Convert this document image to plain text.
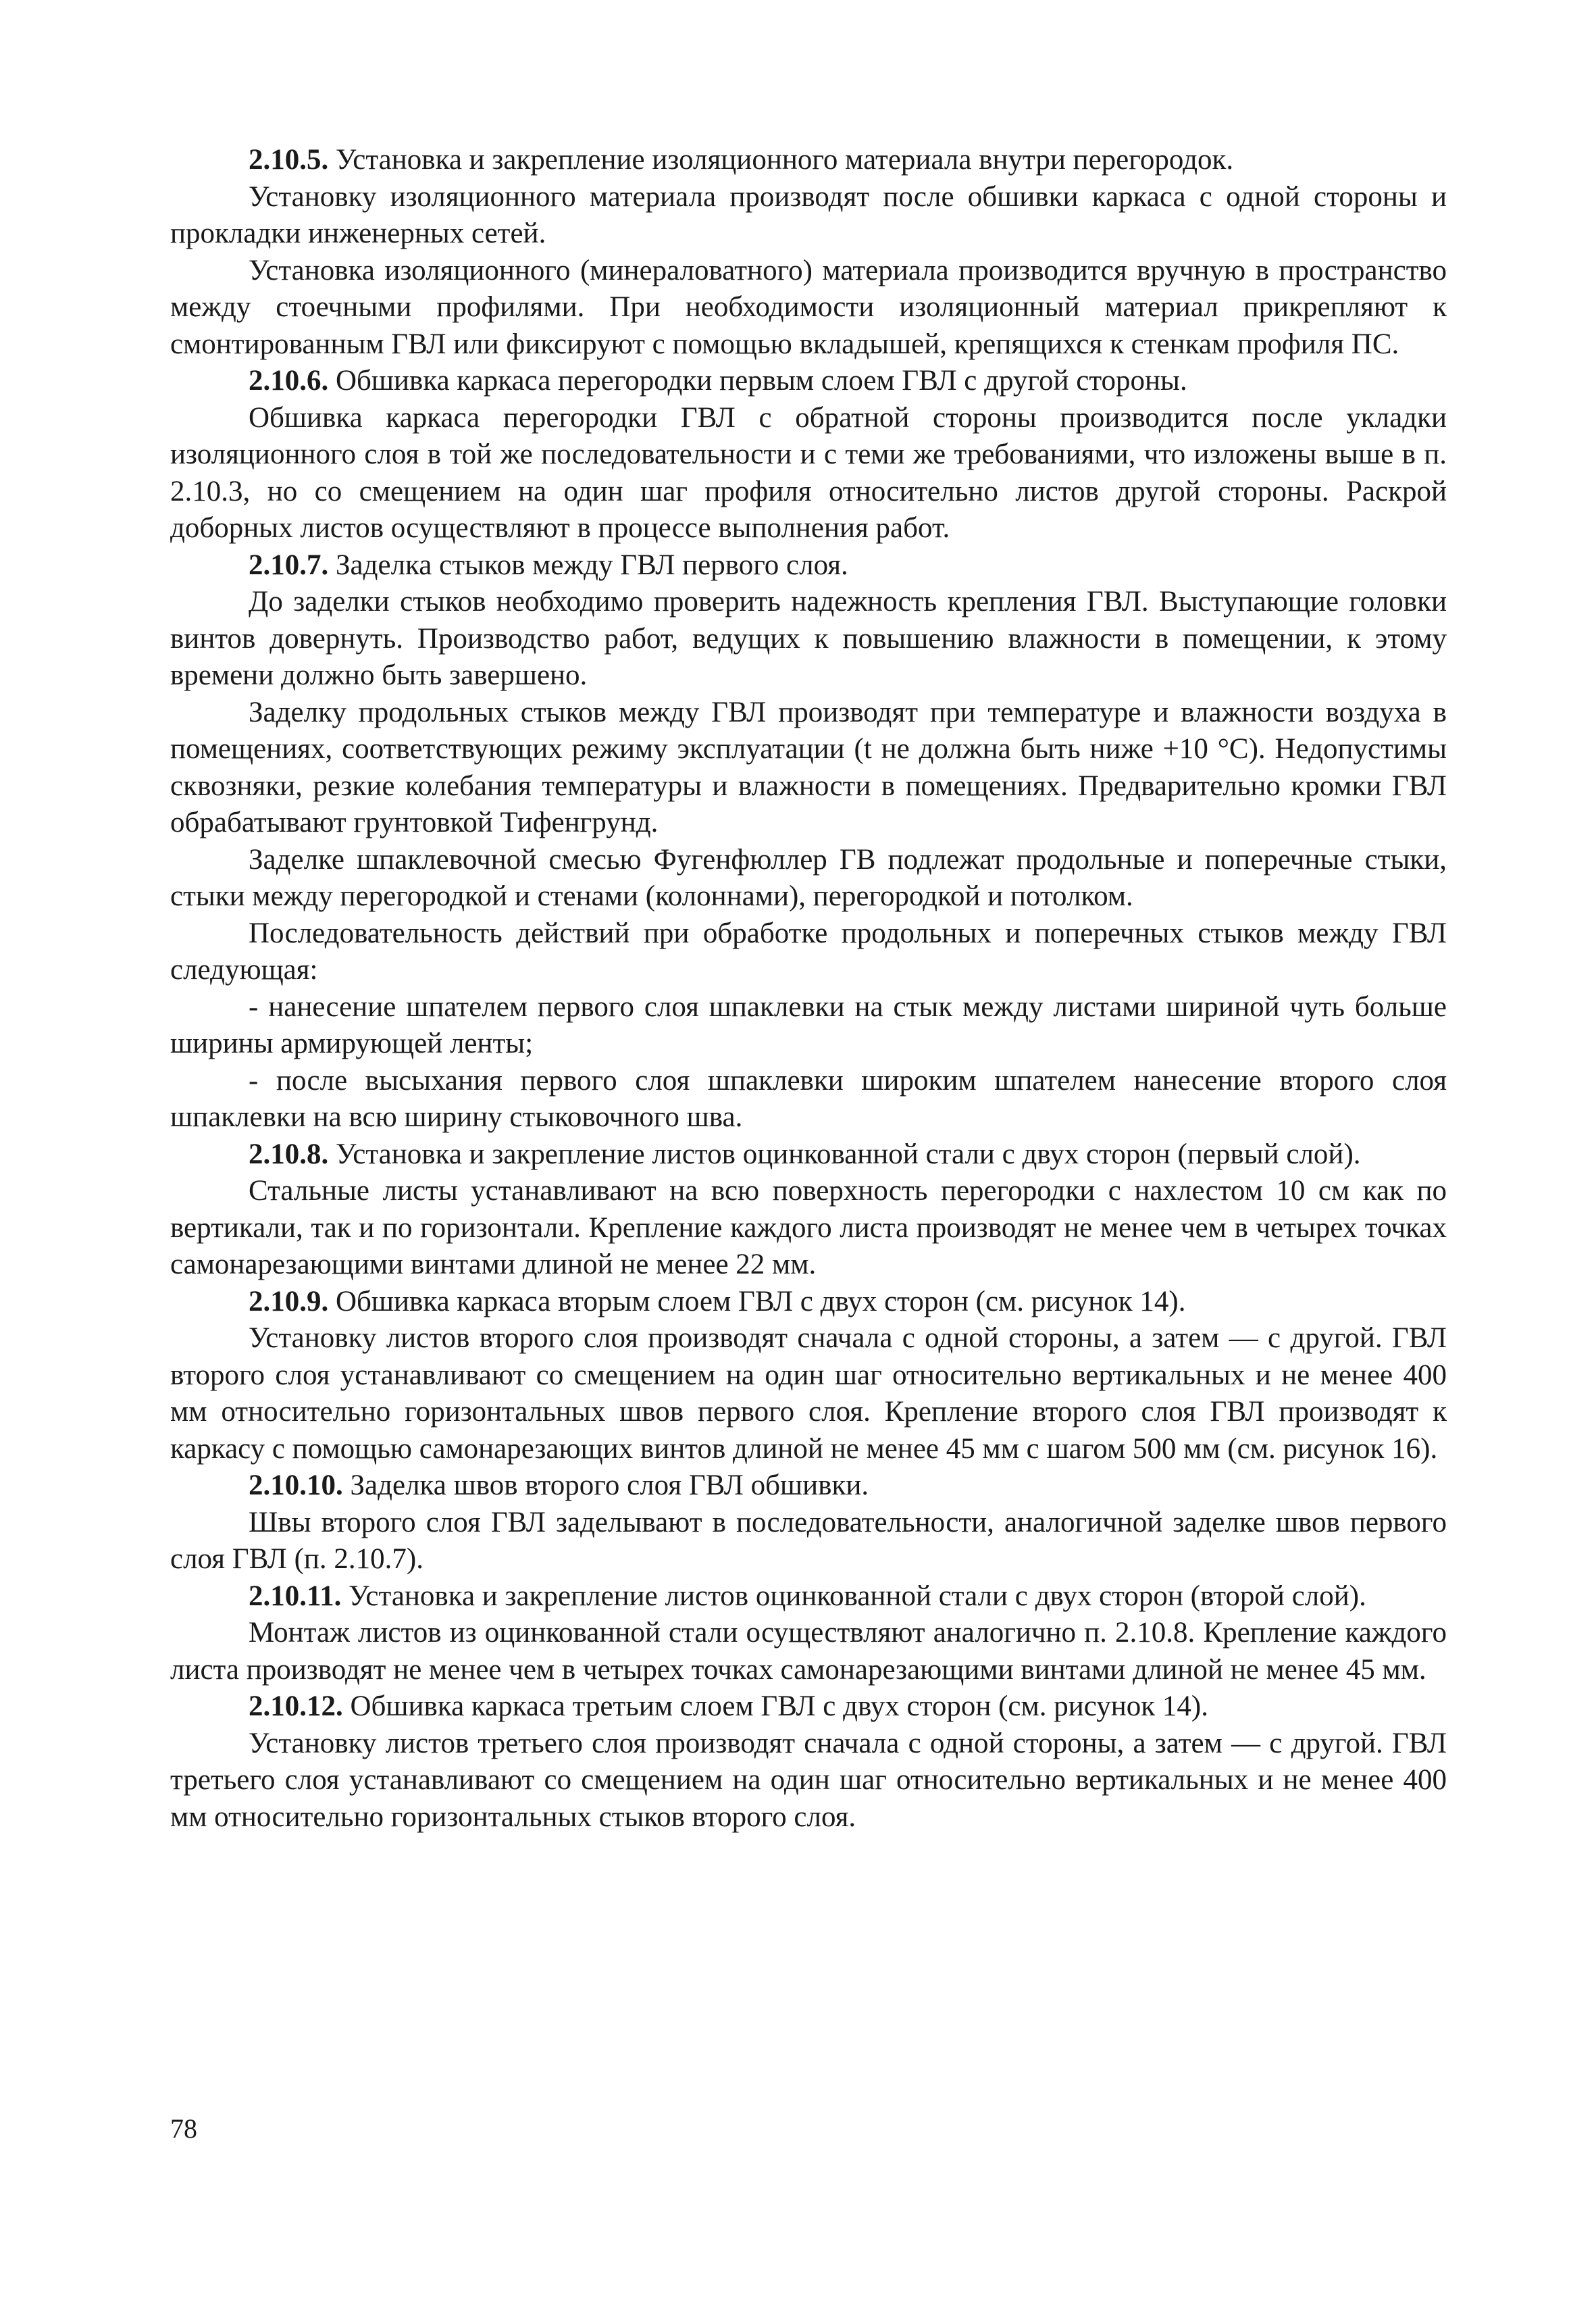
2.10.5. Установка и закрепление изоляционного материала внутри перегородок.

Установку изоляционного материала производят после обшивки каркаса с одной стороны и прокладки инженерных сетей.

Установка изоляционного (минераловатного) материала производится вручную в пространство между стоечными профилями. При необходимости изоляционный материал прикрепляют к смонтированным ГВЛ или фиксируют с помощью вкладышей, крепящихся к стенкам профиля ПС.

2.10.6. Обшивка каркаса перегородки первым слоем ГВЛ с другой стороны.

Обшивка каркаса перегородки ГВЛ с обратной стороны производится после укладки изоляционного слоя в той же последовательности и с теми же требованиями, что изложены выше в п. 2.10.3, но со смещением на один шаг профиля относительно листов другой стороны. Раскрой доборных листов осуществляют в процессе выполнения работ.

2.10.7. Заделка стыков между ГВЛ первого слоя.

До заделки стыков необходимо проверить надежность крепления ГВЛ. Выступающие головки винтов довернуть. Производство работ, ведущих к повышению влажности в помещении, к этому времени должно быть завершено.

Заделку продольных стыков между ГВЛ производят при температуре и влажности воздуха в помещениях, соответствующих режиму эксплуатации (t не должна быть ниже +10 °С). Недопустимы сквозняки, резкие колебания температуры и влажности в помещениях. Предварительно кромки ГВЛ обрабатывают грунтовкой Тифенгрунд.

Заделке шпаклевочной смесью Фугенфюллер ГВ подлежат продольные и поперечные стыки, стыки между перегородкой и стенами (колоннами), перегородкой и потолком.

Последовательность действий при обработке продольных и поперечных стыков между ГВЛ следующая:

- нанесение шпателем первого слоя шпаклевки на стык между листами шириной чуть больше ширины армирующей ленты;

- после высыхания первого слоя шпаклевки широким шпателем нанесение второго слоя шпаклевки на всю ширину стыковочного шва.

2.10.8. Установка и закрепление листов оцинкованной стали с двух сторон (первый слой).

Стальные листы устанавливают на всю поверхность перегородки с нахлестом 10 см как по вертикали, так и по горизонтали. Крепление каждого листа производят не менее чем в четырех точках самонарезающими винтами длиной не менее 22 мм.

2.10.9. Обшивка каркаса вторым слоем ГВЛ с двух сторон (см. рисунок 14).

Установку листов второго слоя производят сначала с одной стороны, а затем — с другой. ГВЛ второго слоя устанавливают со смещением на один шаг относительно вертикальных и не менее 400 мм относительно горизонтальных швов первого слоя. Крепление второго слоя ГВЛ производят к каркасу с помощью самонарезающих винтов длиной не менее 45 мм с шагом 500 мм (см. рисунок 16).

2.10.10. Заделка швов второго слоя ГВЛ обшивки.

Швы второго слоя ГВЛ заделывают в последовательности, аналогичной заделке швов первого слоя ГВЛ (п. 2.10.7).

2.10.11. Установка и закрепление листов оцинкованной стали с двух сторон (второй слой).

Монтаж листов из оцинкованной стали осуществляют аналогично п. 2.10.8. Крепление каждого листа производят не менее чем в четырех точках самонарезающими винтами длиной не менее 45 мм.

2.10.12. Обшивка каркаса третьим слоем ГВЛ с двух сторон (см. рисунок 14).

Установку листов третьего слоя производят сначала с одной стороны, а затем — с другой. ГВЛ третьего слоя устанавливают со смещением на один шаг относительно вертикальных и не менее 400 мм относительно горизонтальных стыков второго слоя.

78
